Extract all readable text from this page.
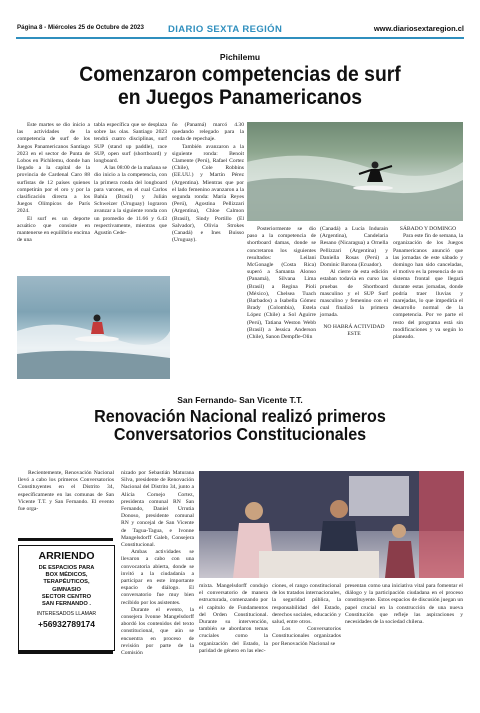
Página 8 - Miércoles 25 de Octubre de 2023	DIARIO SEXTA REGIÓN	www.diariosextaregion.cl
Pichilemu
Comenzaron competencias de surf
en Juegos Panamericanos

Este martes se dio inicio a las actividades de la competencia de surf de los Juegos Panamericanos Santiago 2023 en el sector de Punta de Lobos en Pichilemu, donde han llegado a la capital de la provincia de Cardenal Caro 88 surfistas de 12 países quienes competirán por el oro y por la clasificación directa a los Juegos Olímpicos de París 2024.

El surf es un deporte acuático que consiste en mantenerse en equilibrio encima de una

tabla específica que se desplaza sobre las olas. Santiago 2023 tendrá cuatro disciplinas, surf SUP (stand up paddle), race SUP, open surf (shortboard) y longboard.

A las 08:00 de la mañana se dio inicio a la competencia, con la primera ronda del longboard para varones, en el cual Carlos Bahía (Brasil) y Julián Schweizer (Uruguay) lograron avanzar a la siguiente ronda con un promedio de 11.66 y 6.43 respectivamente, mientras que Agustín Cede-

ño (Panamá) marcó 4.30 quedando relegado para la ronda de repechaje.

También avanzaron a la siguiente ronda: Benoit Clamente (Perú), Rafael Cortez (Chile), Cole Robbins (EE.UU.) y Martín Pérez (Argentina). Mientras que por el lado femenino avanzaron a la segunda ronda: María Reyes (Perú), Agostina Pellizzari (Argentina), Chloe Calmon (Brasil), Sindy Portillo (El Salvador), Olivia Strokes (Canadá) e Ines Buisso (Uruguay).

Posteriormente se dio paso a la competencia de shortboard damas, donde se concretaron los siguientes resultados: Leilani McGonagle (Costa Rica) superó a Samanta Alonso (Panamá), Silvana Lima (Brasil) a Regina Pioli (México), Chelsea Tuach (Barbados) a Isabella Gómez Brady (Colombia), Estela López (Chile) a Sol Aguirre (Perú), Tatiana Weston Webb (Brasil) a Jessica Anderson (Chile), Sanon Dempfle-Olin

(Canadá) a Lucía Indurain (Argentina), Candelaria Resano (Nicaragua) a Ornella Pellizzari (Argentina) y Daniella Rosas (Perú) a Dominic Barona (Ecuador).

Al cierre de esta edición estaban todavía en curso las pruebas de Shortboard masculino y el SUP Surf masculino y femenino con el cual finalizó la primera jornada.

NO HABRÁ ACTIVIDAD ESTE

SÁBADO Y DOMINGO

Para este fin de semana, la organización de los Juegos Panamericanos anunció que las jornadas de este sábado y domingo han sido canceladas, el motivo es la presencia de un sistema frontal que llegará durante estas jornadas, donde podría traer lluvias y marejadas, lo que impediría el desarrollo normal de la competencia. Por ve parte el resto del programa está sin modificaciones y va según lo planeado.

San Fernando- San Vicente T.T.
Renovación Nacional realizó primeros
Conversatorios Constitucionales

Recientemente, Renovación Nacional llevó a cabo los primeros Conversatorios Constituyentes en el Distrito 34, específicamente en las comunas de San Vicente T.T. y San Fernando. El evento fue orga-

ARRIENDO
DE ESPACIOS PARA
BOX MÉDICOS,
TERAPÉUTICOS,
GIMNASIO
SECTOR CENTRO
SAN FERNANDO .
INTERESADOS LLAMAR
+56932789174

nizado por Sebastián Maturana Silva, presidente de Renovación Nacional del Distrito 34, junto a Alicia Cornejo Cortez, presidenta comunal RN San Fernando, Daniel Urrutia Donoso, presidente comunal RN y concejal de San Vicente de Tagua-Tagua, e Ivonne Mangelsdorff Galeb, Consejera Constitucional.

Ambas actividades se llevaron a cabo con una convocatoria abierta, donde se invitó a la ciudadanía a participar en este importante espacio de diálogo. El conversatorio fue muy bien recibido por los asistentes.

Durante el evento, la consejera Ivonne Mangelsdorff abordó los contenidos del texto constitucional, que aún se encuentra en proceso de revisión por parte de la Comisión

mixta. Mangelsdorff condujo el conversatorio de manera estructurada, comenzando por el capítulo de Fundamentos del Orden Constitucional. Durante su intervención, también se abordaron temas cruciales como la organización del Estado, la paridad de género en las elec-

ciones, el rango constitucional de los tratados internacionales, la seguridad pública, la responsabilidad del Estado, derechos sociales, educación y salud, entre otros.

Los Conversatorios Constitucionales organizados por Renovación Nacional se

presentan como una iniciativa vital para fomentar el diálogo y la participación ciudadana en el proceso constituyente. Estos espacios de discusión juegan un papel crucial en la construcción de una nueva Constitución que refleje las aspiraciones y necesidades de la sociedad chilena.
